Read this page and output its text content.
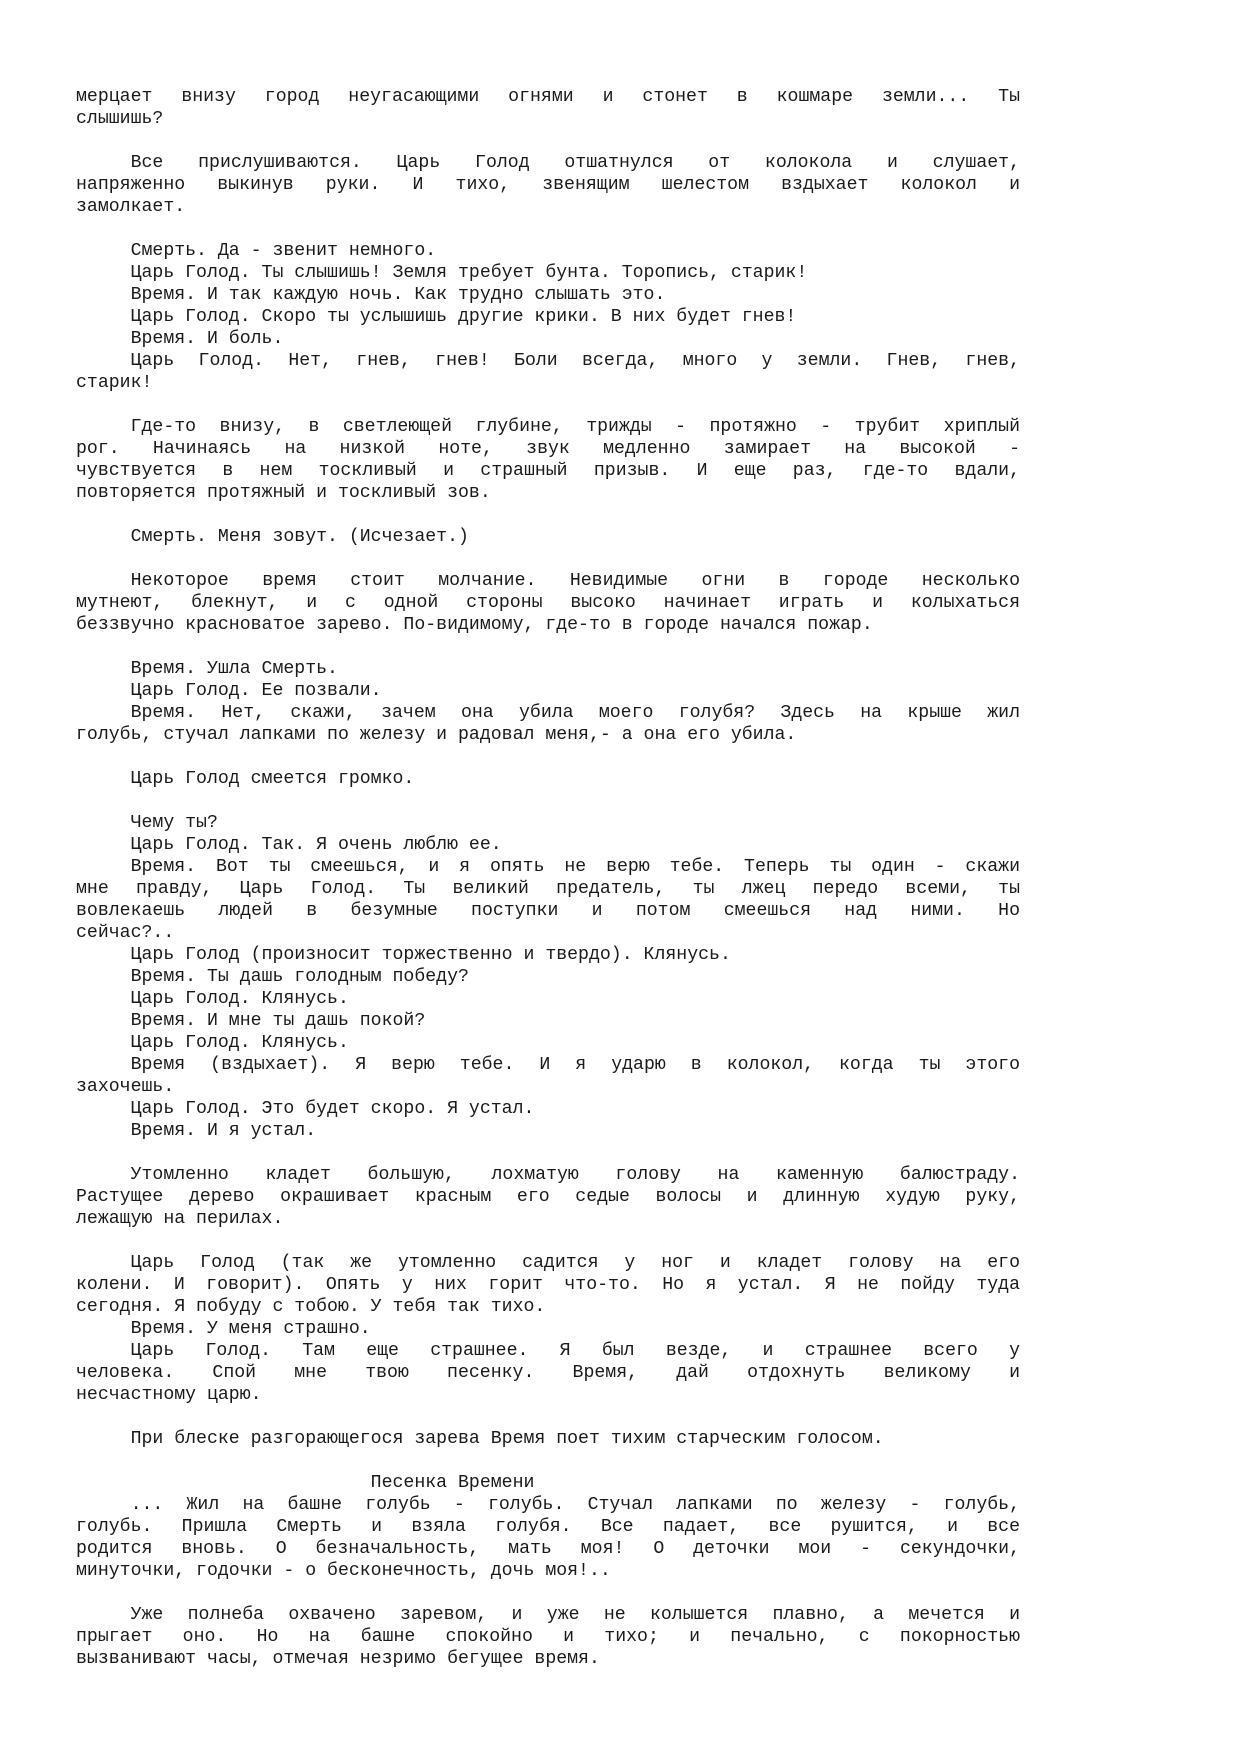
мерцает внизу город неугасающими огнями и стонет в кошмаре земли... Ты
слышишь?
Все прислушиваются. Царь Голод отшатнулся от колокола и слушает,
напряженно выкинув руки. И тихо, звенящим шелестом вздыхает колокол и
замолкает.
Смерть. Да - звенит немного.
Царь Голод. Ты слышишь! Земля требует бунта. Торопись, старик!
Время. И так каждую ночь. Как трудно слышать это.
Царь Голод. Скоро ты услышишь другие крики. В них будет гнев!
Время. И боль.
Царь Голод. Нет, гнев, гнев! Боли всегда, много у земли. Гнев, гнев,
старик!
Где-то внизу, в светлеющей глубине, трижды - протяжно - трубит хриплый
рог. Начинаясь на низкой ноте, звук медленно замирает на высокой -
чувствуется в нем тоскливый и страшный призыв. И еще раз, где-то вдали,
повторяется протяжный и тоскливый зов.
Смерть. Меня зовут. (Исчезает.)
Некоторое время стоит молчание. Невидимые огни в городе несколько
мутнеют, блекнут, и с одной стороны высоко начинает играть и колыхаться
беззвучно красноватое зарево. По-видимому, где-то в городе начался пожар.
Время. Ушла Смерть.
Царь Голод. Ее позвали.
Время. Нет, скажи, зачем она убила моего голубя? Здесь на крыше жил
голубь, стучал лапками по железу и радовал меня,- а она его убила.
Царь Голод смеется громко.
Чему ты?
Царь Голод. Так. Я очень люблю ее.
Время. Вот ты смеешься, и я опять не верю тебе. Теперь ты один - скажи
мне правду, Царь Голод. Ты великий предатель, ты лжец передо всеми, ты
вовлекаешь людей в безумные поступки и потом смеешься над ними. Но
сейчас?..
Царь Голод (произносит торжественно и твердо). Клянусь.
Время. Ты дашь голодным победу?
Царь Голод. Клянусь.
Время. И мне ты дашь покой?
Царь Голод. Клянусь.
Время (вздыхает). Я верю тебе. И я ударю в колокол, когда ты этого
захочешь.
Царь Голод. Это будет скоро. Я устал.
Время. И я устал.
Утомленно кладет большую, лохматую голову на каменную балюстраду.
Растущее дерево окрашивает красным его седые волосы и длинную худую руку,
лежащую на перилах.
Царь Голод (так же утомленно садится у ног и кладет голову на его
колени. И говорит). Опять у них горит что-то. Но я устал. Я не пойду туда
сегодня. Я побуду с тобою. У тебя так тихо.
Время. У меня страшно.
Царь Голод. Там еще страшнее. Я был везде, и страшнее всего у
человека. Спой мне твою песенку. Время, дай отдохнуть великому и
несчастному царю.
При блеске разгорающегося зарева Время поет тихим старческим голосом.
Песенка Времени
... Жил на башне голубь - голубь. Стучал лапками по железу - голубь,
голубь. Пришла Смерть и взяла голубя. Все падает, все рушится, и все
родится вновь. О безначальность, мать моя! О деточки мои - секундочки,
минуточки, годочки - о бесконечность, дочь моя!..
Уже полнеба охвачено заревом, и уже не колышется плавно, а мечется и
прыгает оно. Но на башне спокойно и тихо; и печально, с покорностью
вызванивают часы, отмечая незримо бегущее время.
